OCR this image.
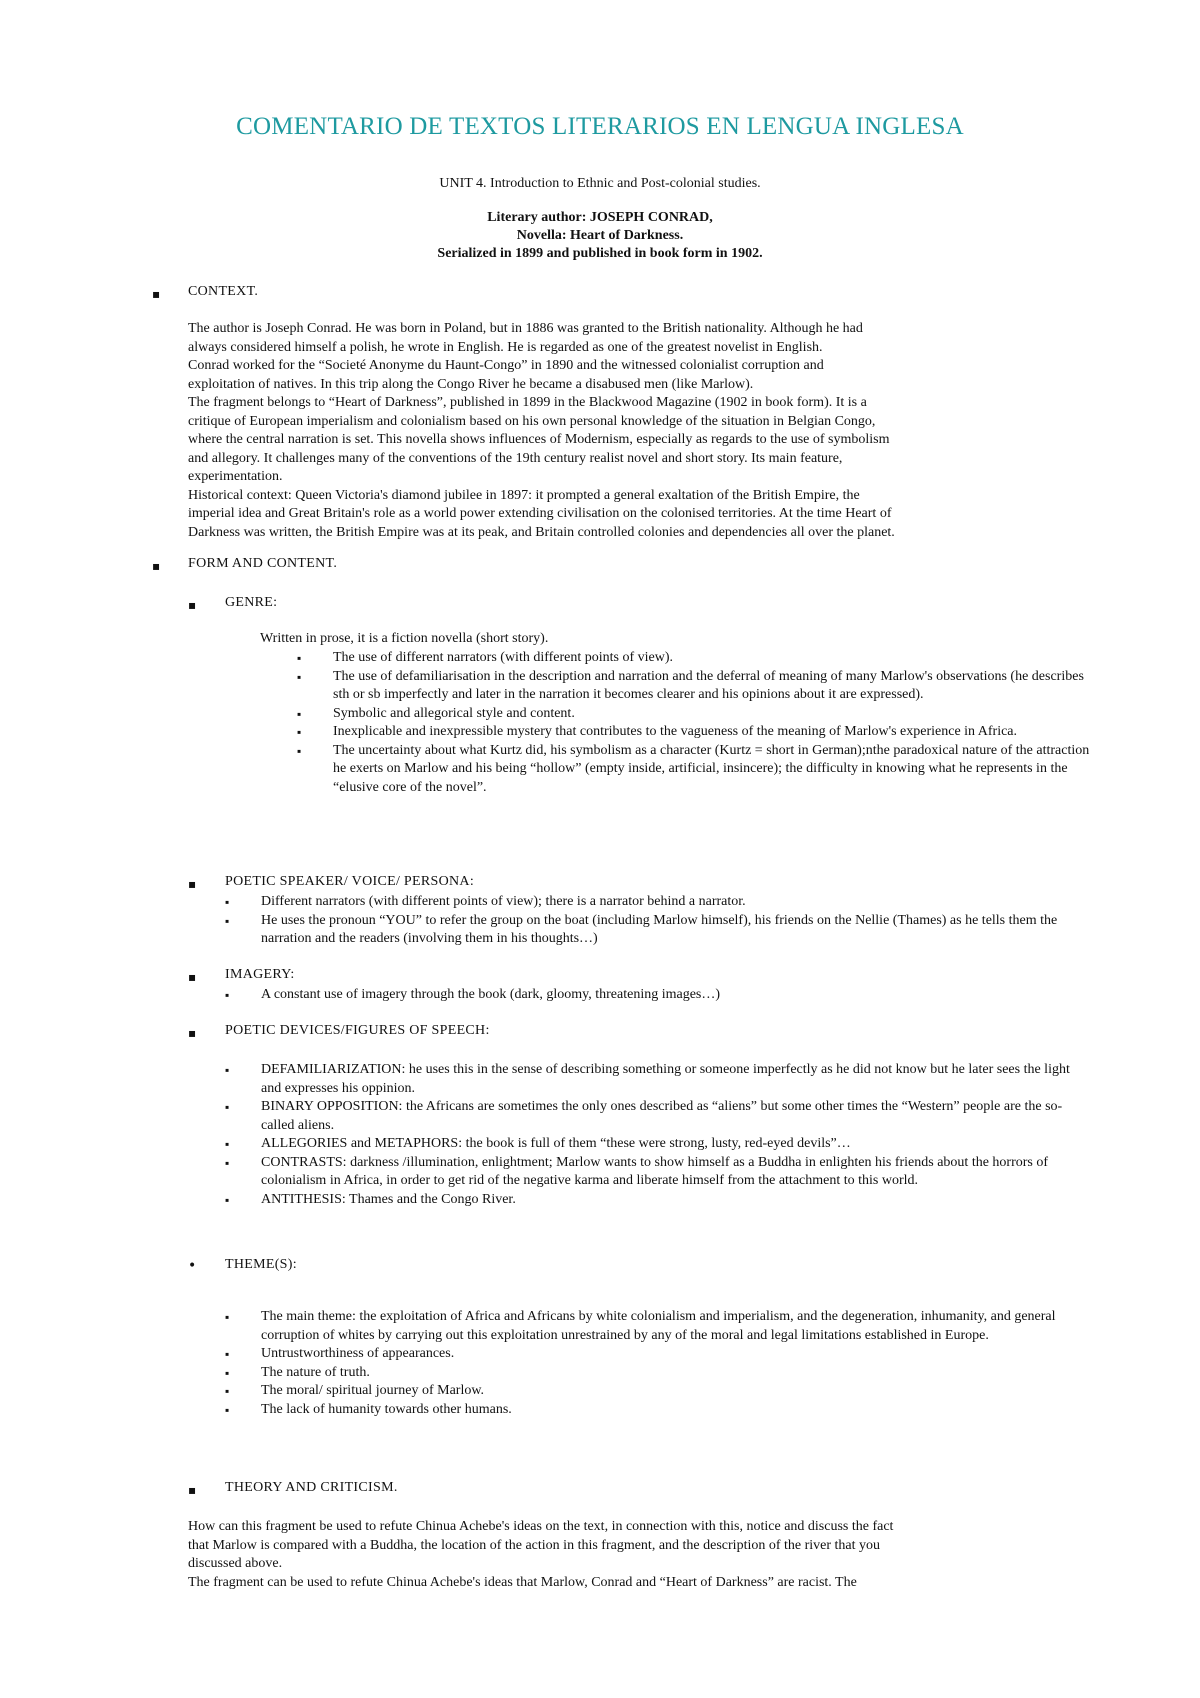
COMENTARIO DE TEXTOS LITERARIOS EN LENGUA INGLESA
UNIT 4. Introduction to Ethnic and Post-colonial studies.
Literary author: JOSEPH CONRAD,
Novella: Heart of Darkness.
Serialized in 1899 and published in book form in 1902.
▪ CONTEXT.
The author is Joseph Conrad. He was born in Poland, but in 1886 was granted to the British nationality. Although he had
always considered himself a polish, he wrote in English. He is regarded as one of the greatest novelist in English.
Conrad worked for the “Societé Anonyme du Haunt-Congo” in 1890 and the witnessed colonialist corruption and
exploitation of natives. In this trip along the Congo River he became a disabused men (like Marlow).
The fragment belongs to “Heart of Darkness”, published in 1899 in the Blackwood Magazine (1902 in book form). It is a
critique of European imperialism and colonialism based on his own personal knowledge of the situation in Belgian Congo,
where the central narration is set. This novella shows influences of Modernism, especially as regards to the use of symbolism
and allegory. It challenges many of the conventions of the 19th century realist novel and short story. Its main feature,
experimentation.
Historical context: Queen Victoria's diamond jubilee in 1897: it prompted a general exaltation of the British Empire, the
imperial idea and Great Britain's role as a world power extending civilisation on the colonised territories. At the time Heart of
Darkness was written, the British Empire was at its peak, and Britain controlled colonies and dependencies all over the planet.
▪ FORM AND CONTENT.
▪ GENRE:
Written in prose, it is a fiction novella (short story).
▪ The use of different narrators (with different points of view).
▪ The use of defamiliarisation in the description and narration and the deferral of meaning of many Marlow's observations (he describes sth or sb imperfectly and later in the narration it becomes clearer and his opinions about it are expressed).
▪ Symbolic and allegorical style and content.
▪ Inexplicable and inexpressible mystery that contributes to the vagueness of the meaning of Marlow's experience in Africa.
▪ The uncertainty about what Kurtz did, his symbolism as a character (Kurtz = short in German);nthe paradoxical nature of the attraction he exerts on Marlow and his being “hollow” (empty inside, artificial, insincere); the difficulty in knowing what he represents in the “elusive core of the novel”.
▪ POETIC SPEAKER/ VOICE/ PERSONA:
▪ Different narrators (with different points of view); there is a narrator behind a narrator.
▪ He uses the pronoun “YOU” to refer the group on the boat (including Marlow himself), his friends on the Nellie (Thames) as he tells them the narration and the readers (involving them in his thoughts…)
▪ IMAGERY:
▪ A constant use of imagery through the book (dark, gloomy, threatening images…)
▪ POETIC DEVICES/FIGURES OF SPEECH:
▪ DEFAMILIARIZATION: he uses this in the sense of describing something or someone imperfectly as he did not know but he later sees the light and expresses his oppinion.
▪ BINARY OPPOSITION: the Africans are sometimes the only ones described as “aliens” but some other times the “Western” people are the so-called aliens.
▪ ALLEGORIES and METAPHORS: the book is full of them “these were strong, lusty, red-eyed devils”…
▪ CONTRASTS: darkness /illumination, enlightment; Marlow wants to show himself as a Buddha in enlighten his friends about the horrors of colonialism in Africa, in order to get rid of the negative karma and liberate himself from the attachment to this world.
▪ ANTITHESIS: Thames and the Congo River.
• THEME(S):
▪ The main theme: the exploitation of Africa and Africans by white colonialism and imperialism, and the degeneration, inhumanity, and general corruption of whites by carrying out this exploitation unrestrained by any of the moral and legal limitations established in Europe.
▪ Untrustworthiness of appearances.
▪ The nature of truth.
▪ The moral/ spiritual journey of Marlow.
▪ The lack of humanity towards other humans.
▪ THEORY AND CRITICISM.
How can this fragment be used to refute Chinua Achebe's ideas on the text, in connection with this, notice and discuss the fact
that Marlow is compared with a Buddha, the location of the action in this fragment, and the description of the river that you
discussed above.
The fragment can be used to refute Chinua Achebe's ideas that Marlow, Conrad and “Heart of Darkness” are racist. The
